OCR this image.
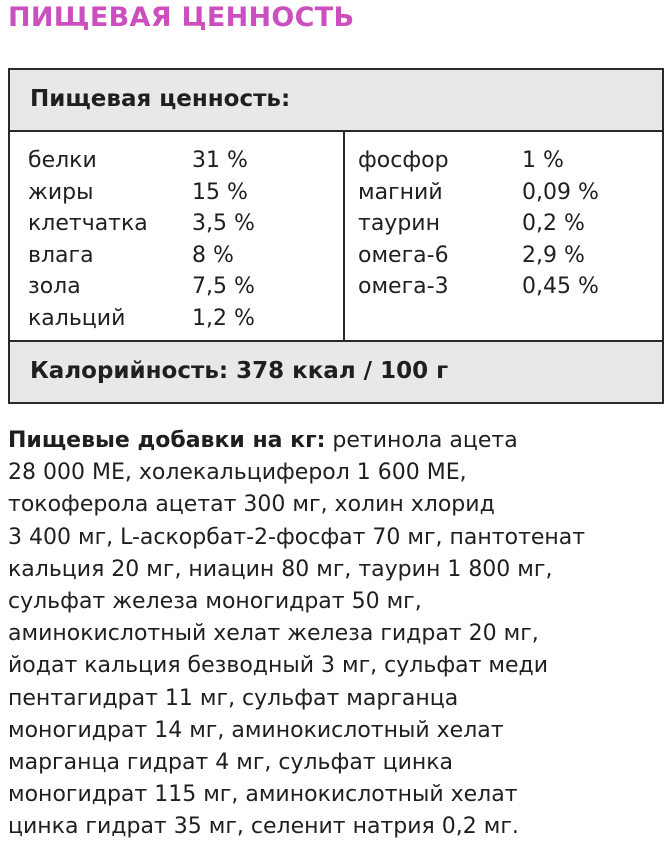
ПИЩЕВАЯ ЦЕННОСТЬ
Пищевая ценность:
белки	31 %
жиры	15 %
клетчатка 3,5 %
влага	8 %
зола	7,5 %
кальций	1,2 %
фосфор	1 %
магний	0,09 %
таурин	0,2 %
омега-6	2,9 %
омега-3	0,45 %
Калорийность: 378 ккал / 100 г
Пищевые добавки на кг: ретинола ацета
28 000 МЕ, холекальциферол 1 600 МЕ,
токоферола ацетат 300 мг, холин хлорид
3 400 мг, L-аскорбат-2-фосфат 70 мг, пантотенат
кальция 20 мг, ниацин 80 мг, таурин 1 800 мг,
сульфат железа моногидрат 50 мг,
аминокислотный хелат железа гидрат 20 мг,
йодат кальция безводный 3 мг, сульфат меди
пентагидрат 11 мг, сульфат марганца
моногидрат 14 мг, аминокислотный хелат
марганца гидрат 4 мг, сульфат цинка
моногидрат 115 мг, аминокислотный хелат
цинка гидрат 35 мг, селенит натрия 0,2 мг.
